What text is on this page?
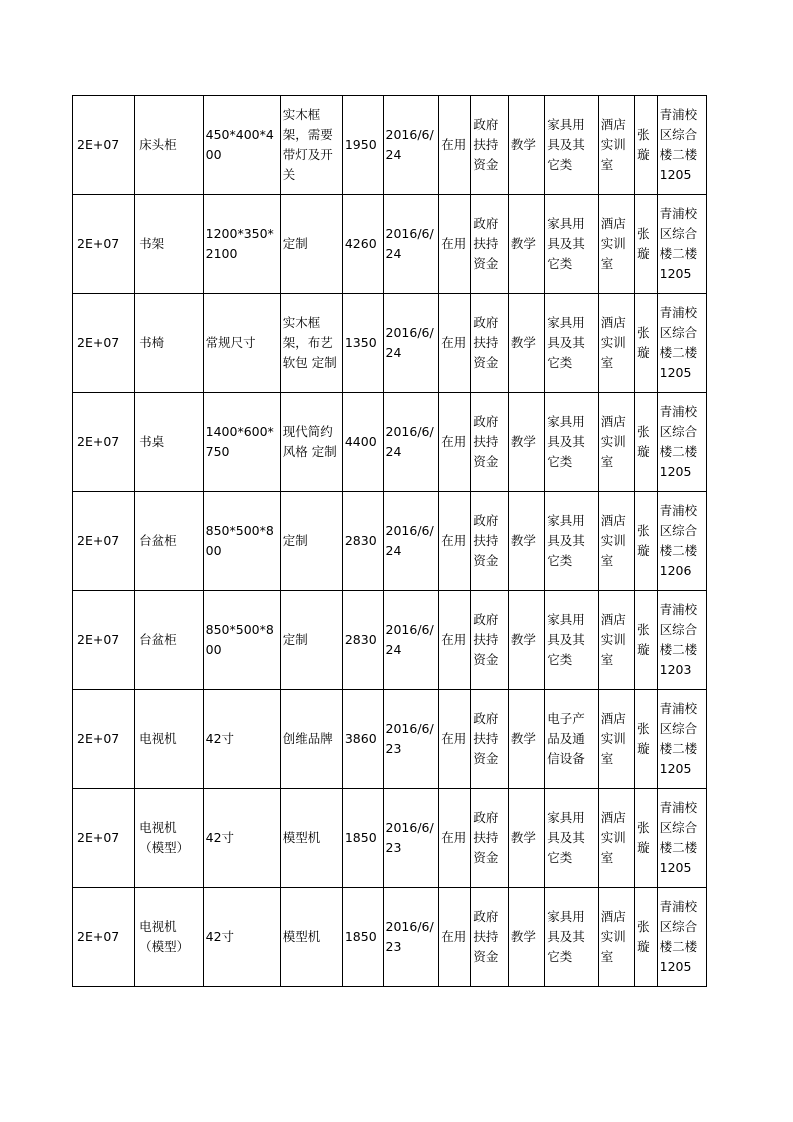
2E+07	床头柜	450*400*400	实木框架，需要带灯及开关	1950	2016/6/24	在用	政府扶持资金	教学	家具用具及其它类	酒店实训室	张璇	青浦校区综合楼二楼1205
2E+07	书架	1200*350*2100	定制	4260	2016/6/24	在用	政府扶持资金	教学	家具用具及其它类	酒店实训室	张璇	青浦校区综合楼二楼1205
2E+07	书椅	常规尺寸	实木框架，布艺软包 定制	1350	2016/6/24	在用	政府扶持资金	教学	家具用具及其它类	酒店实训室	张璇	青浦校区综合楼二楼1205
2E+07	书桌	1400*600*750	现代简约风格 定制	4400	2016/6/24	在用	政府扶持资金	教学	家具用具及其它类	酒店实训室	张璇	青浦校区综合楼二楼1205
2E+07	台盆柜	850*500*800	定制	2830	2016/6/24	在用	政府扶持资金	教学	家具用具及其它类	酒店实训室	张璇	青浦校区综合楼二楼1206
2E+07	台盆柜	850*500*800	定制	2830	2016/6/24	在用	政府扶持资金	教学	家具用具及其它类	酒店实训室	张璇	青浦校区综合楼二楼1203
2E+07	电视机	42寸	创维品牌	3860	2016/6/23	在用	政府扶持资金	教学	电子产品及通信设备	酒店实训室	张璇	青浦校区综合楼二楼1205
2E+07	电视机（模型）	42寸	模型机	1850	2016/6/23	在用	政府扶持资金	教学	家具用具及其它类	酒店实训室	张璇	青浦校区综合楼二楼1205
2E+07	电视机（模型）	42寸	模型机	1850	2016/6/23	在用	政府扶持资金	教学	家具用具及其它类	酒店实训室	张璇	青浦校区综合楼二楼1205
